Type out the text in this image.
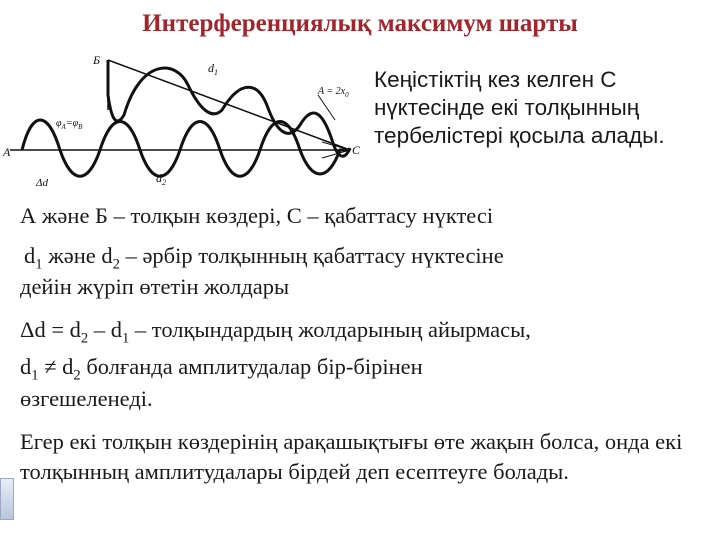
Интерференциялық максимум шарты
A
Б
C
$d_1$
$d_2$
Δd
$\varphi_A=\varphi_B$
$A = 2x_0$
Кеңістіктің кез келген С
нүктесінде екі толқынның
тербелістері қосыла алады.
А және Б – толқын көздері, С – қабаттасу нүктесі
$d_1$ және $d_2$ – әрбір толқынның қабаттасу нүктесіне
дейін жүріп өтетін жолдары
$\Delta d = d_2 - d_1$ – толқындардың жолдарының айырмасы,
$d_1 \ne d_2$ болғанда амплитудалар бір-бірінен
өзгешеленеді.
Егер екі толқын көздерінің арақашықтығы өте жақын болса, онда екі толқынның амплитудалары бірдей деп есептеуге болады.
